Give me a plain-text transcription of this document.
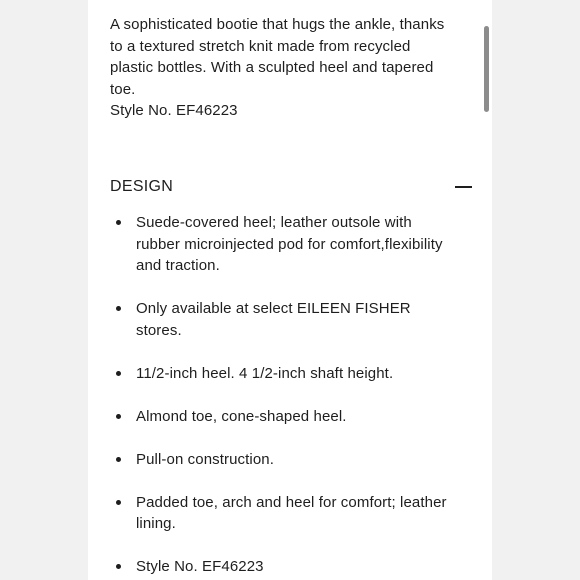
A sophisticated bootie that hugs the ankle, thanks to a textured stretch knit made from recycled plastic bottles. With a sculpted heel and tapered toe.
Style No. EF46223
DESIGN
Suede-covered heel; leather outsole with rubber microinjected pod for comfort,flexibility and traction.
Only available at select EILEEN FISHER stores.
11/2-inch heel. 4 1/2-inch shaft height.
Almond toe, cone-shaped heel.
Pull-on construction.
Padded toe, arch and heel for comfort; leather lining.
Style No. EF46223
